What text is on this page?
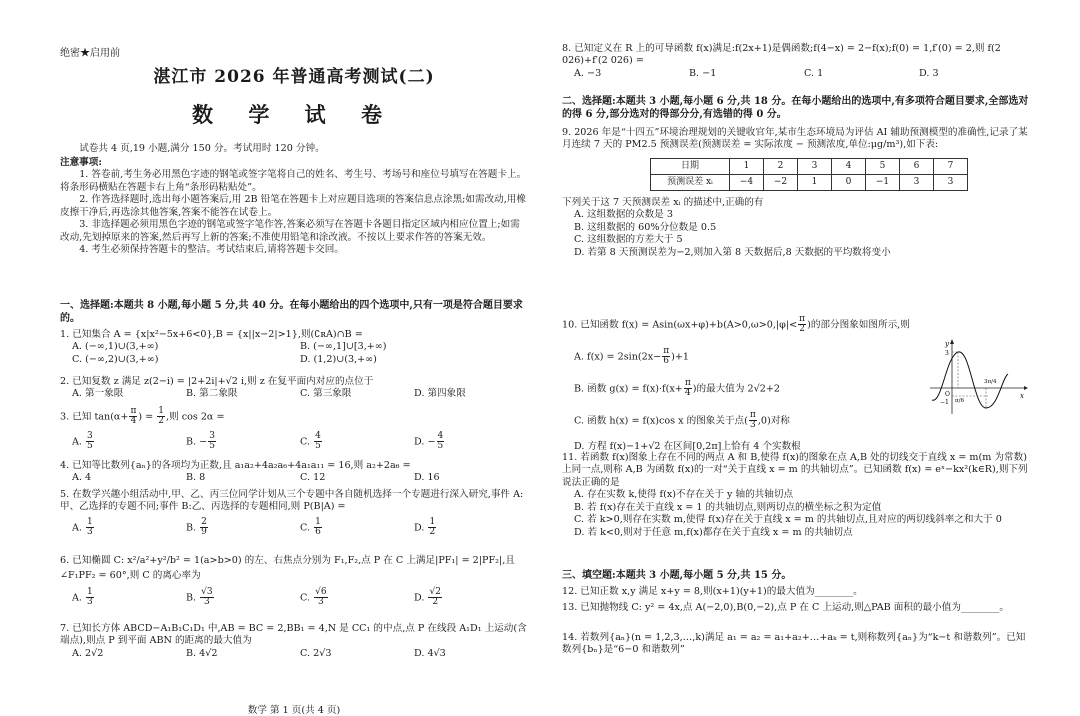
绝密★启用前
湛江市 2026 年普通高考测试(二)
数 学 试 卷
试卷共 4 页,19 小题,满分 150 分。考试用时 120 分钟。
注意事项:
1. 答卷前,考生务必用黑色字迹的钢笔或签字笔将自己的姓名、考生号、考场号和座位号填写在答题卡上。将条形码横贴在答题卡右上角“条形码粘贴处”。
2. 作答选择题时,选出每小题答案后,用 2B 铅笔在答题卡上对应题目选项的答案信息点涂黑;如需改动,用橡皮擦干净后,再选涂其他答案,答案不能答在试卷上。
3. 非选择题必须用黑色字迹的钢笔或签字笔作答,答案必须写在答题卡各题目指定区域内相应位置上;如需改动,先划掉原来的答案,然后再写上新的答案;不准使用铅笔和涂改液。不按以上要求作答的答案无效。
4. 考生必须保持答题卡的整洁。考试结束后,请将答题卡交回。
一、选择题:本题共 8 小题,每小题 5 分,共 40 分。在每小题给出的四个选项中,只有一项是符合题目要求的。
1. 已知集合 A = {x|x²−5x+6<0},B = {x||x−2|>1},则(∁ʀA)∩B =
A. (−∞,1)∪(3,+∞)	B. (−∞,1]∪[3,+∞)
C. (−∞,2)∪(3,+∞)	D. (1,2)∪(3,+∞)
2. 已知复数 z 满足 z(2−i) = |2+2i|+√2 i,则 z 在复平面内对应的点位于
A. 第一象限	B. 第二象限	C. 第三象限	D. 第四象限
3. 已知 $\tan(\alpha+ \frac{\pi}{4}$ ) = $\frac{1}{2}$ ,则 cos 2α =
A. $\frac{3}{5}$	B. − $\frac{3}{5}$	C. $\frac{4}{5}$	D. − $\frac{4}{5}$
4. 已知等比数列{aₙ}的各项均为正数,且 a₁a₂+4a₂a₆+4a₁a₁₁ = 16,则 a₂+2a₆ =
A. 4	B. 8	C. 12	D. 16
5. 在数学兴趣小组活动中,甲、乙、丙三位同学计划从三个专题中各自随机选择一个专题进行深入研究,事件 A:甲、乙选择的专题不同;事件 B:乙、丙选择的专题相同,则 P(B|A) =
A. $\frac{1}{3}$	B. $\frac{2}{9}$	C. $\frac{1}{6}$	D. $\frac{1}{2}$
6. 已知椭圆 C: x²/a²+y²/b² = 1(a>b>0) 的左、右焦点分别为 F₁,F₂,点 P 在 C 上满足|PF₁| = 2|PF₂|,且
∠F₁PF₂ = 60°,则 C 的离心率为
A. $\frac{1}{3}$	B. $\frac{√3}{3}$	C. $\frac{√6}{3}$	D. $\frac{√2}{2}$
7. 已知长方体 ABCD−A₁B₁C₁D₁ 中,AB = BC = 2,BB₁ = 4,N 是 CC₁ 的中点,点 P 在线段 A₁D₁ 上运动(含端点),则点 P 到平面 ABN 的距离的最大值为
A. 2√2	B. 4√2	C. 2√3	D. 4√3
数学 第 1 页(共 4 页)
8. 已知定义在 R 上的可导函数 f(x)满足:f(2x+1)是偶函数;f(4−x) = 2−f(x);f(0) = 1,f′(0) = 2,则 f(2 026)+f′(2 026) =
A. −3	B. −1	C. 1	D. 3
二、选择题:本题共 3 小题,每小题 6 分,共 18 分。在每小题给出的选项中,有多项符合题目要求,全部选对的得 6 分,部分选对的得部分分,有选错的得 0 分。
9. 2026 年是“十四五”环境治理规划的关键收官年,某市生态环境局为评估 AI 辅助预测模型的准确性,记录了某月连续 7 天的 PM2.5 预测误差(预测误差 = 实际浓度 − 预测浓度,单位:μg/m³),如下表:
日期	1	2	3	4	5	6	7
预测误差 xᵢ	−4	−2	1	0	−1	3	3
下列关于这 7 天预测误差 xᵢ 的描述中,正确的有
A. 这组数据的众数是 3
B. 这组数据的 60%分位数是 0.5
C. 这组数据的方差大于 5
D. 若第 8 天预测误差为−2,则加入第 8 天数据后,8 天数据的平均数将变小
10. 已知函数 $f(x) = Asin(\omega x+\varphi)+b(A>0,\omega>0,|\varphi|< \frac{\pi}{2}$ )的部分图象如图所示,则
A. $f(x) = 2\sin(2x- \frac{\pi}{6} )+1$
B. 函数 $g(x) = f(x)\cdot f(x+ \frac{\pi}{4}$ )的最大值为 2√2+2
C. 函数 h(x) = f(x)cos x 的图象关于点( $\frac{\pi}{3} ,0$)对称
D. 方程 f(x)−1+√2 在区间[0,2π]上恰有 4 个实数根
11. 若函数 f(x)图象上存在不同的两点 A 和 B,使得 f(x)的图象在点 A,B 处的切线交于直线 x = m(m 为常数)上同一点,则称 A,B 为函数 f(x)的一对“关于直线 x = m 的共轴切点”。已知函数 f(x) = eˣ−kx²(k∈R),则下列说法正确的是
A. 存在实数 k,使得 f(x)不存在关于 y 轴的共轴切点
B. 若 f(x)存在关于直线 x = 1 的共轴切点,则两切点的横坐标之积为定值
C. 若 k>0,则存在实数 m,使得 f(x)存在关于直线 x = m 的共轴切点,且对应的两切线斜率之和大于 0
D. 若 k<0,则对于任意 m,f(x)都存在关于直线 x = m 的共轴切点
三、填空题:本题共 3 小题,每小题 5 分,共 15 分。
12. 已知正数 x,y 满足 x+y = 8,则(x+1)(y+1)的最大值为________。
13. 已知抛物线 C: y² = 4x,点 A(−2,0),B(0,−2),点 P 在 C 上运动,则△PAB 面积的最小值为________。
14. 若数列{aₙ}(n = 1,2,3,…,k)满足 a₁ = a₂ = a₁+a₂+…+aₖ = t,则称数列{aₙ}为“k−t 和谐数列”。已知数列{bₙ}是“6−0 和谐数列”
y
x
O
3
−1 π/6
3π/4
